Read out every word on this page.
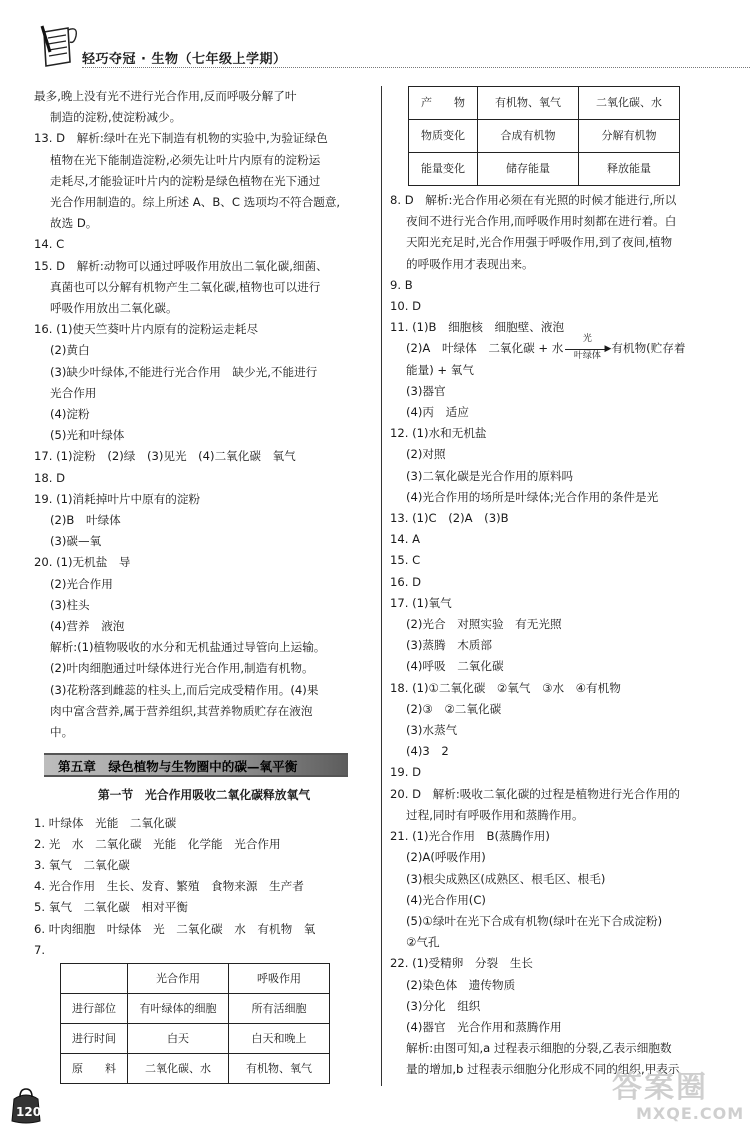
轻巧夺冠 · 生物（七年级上学期）

最多,晚上没有光不进行光合作用,反而呼吸分解了叶

制造的淀粉,使淀粉减少。

13. D　解析:绿叶在光下制造有机物的实验中,为验证绿色

植物在光下能制造淀粉,必须先让叶片内原有的淀粉运

走耗尽,才能验证叶片内的淀粉是绿色植物在光下通过

光合作用制造的。综上所述 A、B、C 选项均不符合题意,

故选 D。

14. C

15. D　解析:动物可以通过呼吸作用放出二氧化碳,细菌、

真菌也可以分解有机物产生二氧化碳,植物也可以进行

呼吸作用放出二氧化碳。

16. (1)使天竺葵叶片内原有的淀粉运走耗尽

(2)黄白

(3)缺少叶绿体,不能进行光合作用　缺少光,不能进行

光合作用

(4)淀粉

(5)光和叶绿体

17. (1)淀粉　(2)绿　(3)见光　(4)二氧化碳　氧气

18. D

19. (1)消耗掉叶片中原有的淀粉

(2)B　叶绿体

(3)碳—氧

20. (1)无机盐　导

(2)光合作用

(3)柱头

(4)营养　液泡

解析:(1)植物吸收的水分和无机盐通过导管向上运输。

(2)叶肉细胞通过叶绿体进行光合作用,制造有机物。

(3)花粉落到雌蕊的柱头上,而后完成受精作用。(4)果

肉中富含营养,属于营养组织,其营养物质贮存在液泡

中。

第五章　绿色植物与生物圈中的碳—氧平衡
第一节　光合作用吸收二氧化碳释放氧气

1. 叶绿体　光能　二氧化碳

2. 光　水　二氧化碳　光能　化学能　光合作用

3. 氧气　二氧化碳

4. 光合作用　生长、发育、繁殖　食物来源　生产者

5. 氧气　二氧化碳　相对平衡

6. 叶肉细胞　叶绿体　光　二氧化碳　水　有机物　氧

7.

	光合作用	呼吸作用
进行部位	有叶绿体的细胞	所有活细胞
进行时间	白天	白天和晚上
原　　料	二氧化碳、水	有机物、氧气
产　　物	有机物、氧气	二氧化碳、水
物质变化	合成有机物	分解有机物
能量变化	储存能量	释放能量

8. D　解析:光合作用必须在有光照的时候才能进行,所以

夜间不进行光合作用,而呼吸作用时刻都在进行着。白

天阳光充足时,光合作用强于呼吸作用,到了夜间,植物

的呼吸作用才表现出来。

9. B

10. D

11. (1)B　细胞核　细胞壁、液泡

(2)A　叶绿体　二氧化碳 + 水
光
▶
叶绿体
有机物(贮存着

能量) + 氧气

(3)器官

(4)丙　适应

12. (1)水和无机盐

(2)对照

(3)二氧化碳是光合作用的原料吗

(4)光合作用的场所是叶绿体;光合作用的条件是光

13. (1)C　(2)A　(3)B

14. A

15. C

16. D

17. (1)氧气

(2)光合　对照实验　有无光照

(3)蒸腾　木质部

(4)呼吸　二氧化碳

18. (1)①二氧化碳　②氧气　③水　④有机物

(2)③　②二氧化碳

(3)水蒸气

(4)3　2

19. D

20. D　解析:吸收二氧化碳的过程是植物进行光合作用的

过程,同时有呼吸作用和蒸腾作用。

21. (1)光合作用　B(蒸腾作用)

(2)A(呼吸作用)

(3)根尖成熟区(成熟区、根毛区、根毛)

(4)光合作用(C)

(5)①绿叶在光下合成有机物(绿叶在光下合成淀粉)

②气孔

22. (1)受精卵　分裂　生长

(2)染色体　遗传物质

(3)分化　组织

(4)器官　光合作用和蒸腾作用

解析:由图可知,a 过程表示细胞的分裂,乙表示细胞数

量的增加,b 过程表示细胞分化形成不同的组织,甲表示

120
答案圈
MXQE.COM
